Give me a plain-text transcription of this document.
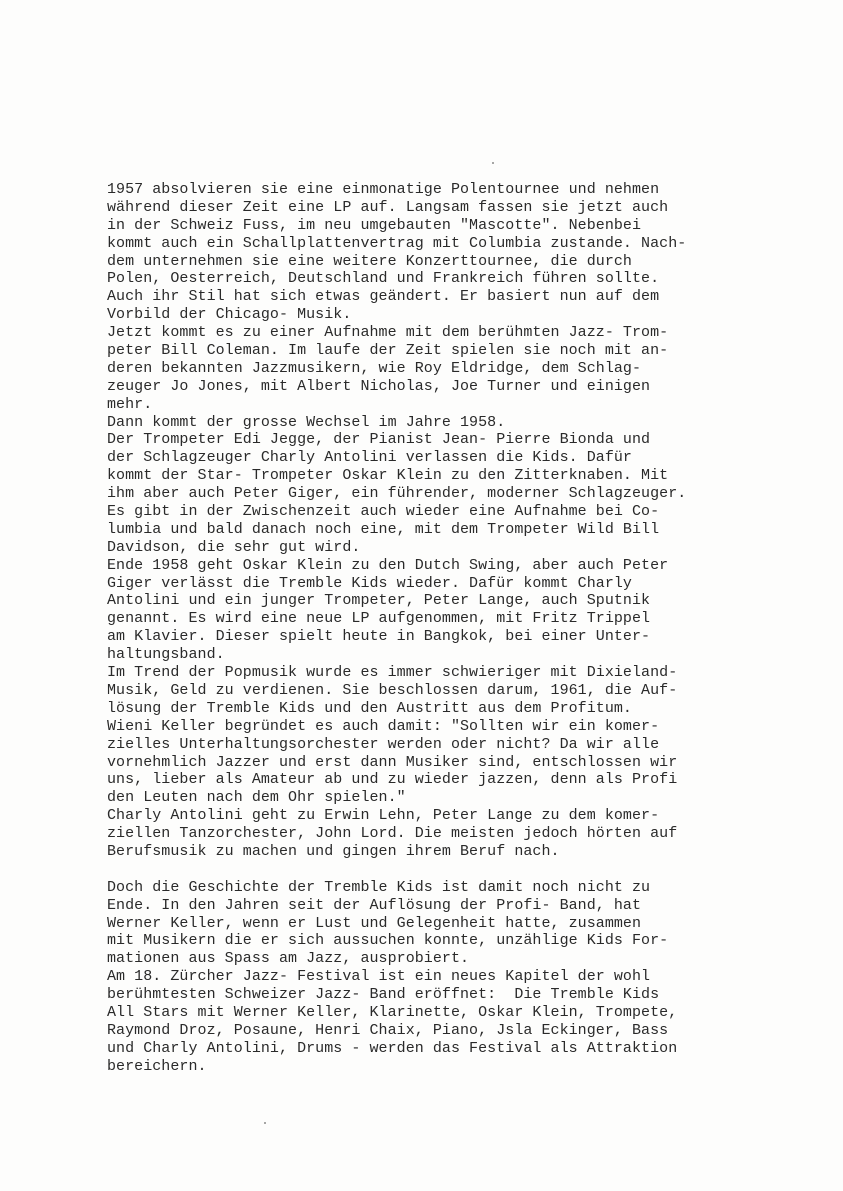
1957 absolvieren sie eine einmonatige Polentournee und nehmen
während dieser Zeit eine LP auf. Langsam fassen sie jetzt auch
in der Schweiz Fuss, im neu umgebauten "Mascotte". Nebenbei
kommt auch ein Schallplattenvertrag mit Columbia zustande. Nach-
dem unternehmen sie eine weitere Konzerttournee, die durch
Polen, Oesterreich, Deutschland und Frankreich führen sollte.
Auch ihr Stil hat sich etwas geändert. Er basiert nun auf dem
Vorbild der Chicago- Musik.
Jetzt kommt es zu einer Aufnahme mit dem berühmten Jazz- Trom-
peter Bill Coleman. Im laufe der Zeit spielen sie noch mit an-
deren bekannten Jazzmusikern, wie Roy Eldridge, dem Schlag-
zeuger Jo Jones, mit Albert Nicholas, Joe Turner und einigen
mehr.
Dann kommt der grosse Wechsel im Jahre 1958.
Der Trompeter Edi Jegge, der Pianist Jean- Pierre Bionda und
der Schlagzeuger Charly Antolini verlassen die Kids. Dafür
kommt der Star- Trompeter Oskar Klein zu den Zitterknaben. Mit
ihm aber auch Peter Giger, ein führender, moderner Schlagzeuger.
Es gibt in der Zwischenzeit auch wieder eine Aufnahme bei Co-
lumbia und bald danach noch eine, mit dem Trompeter Wild Bill
Davidson, die sehr gut wird.
Ende 1958 geht Oskar Klein zu den Dutch Swing, aber auch Peter
Giger verlässt die Tremble Kids wieder. Dafür kommt Charly
Antolini und ein junger Trompeter, Peter Lange, auch Sputnik
genannt. Es wird eine neue LP aufgenommen, mit Fritz Trippel
am Klavier. Dieser spielt heute in Bangkok, bei einer Unter-
haltungsband.
Im Trend der Popmusik wurde es immer schwieriger mit Dixieland-
Musik, Geld zu verdienen. Sie beschlossen darum, 1961, die Auf-
lösung der Tremble Kids und den Austritt aus dem Profitum.
Wieni Keller begründet es auch damit: "Sollten wir ein komer-
zielles Unterhaltungsorchester werden oder nicht? Da wir alle
vornehmlich Jazzer und erst dann Musiker sind, entschlossen wir
uns, lieber als Amateur ab und zu wieder jazzen, denn als Profi
den Leuten nach dem Ohr spielen."
Charly Antolini geht zu Erwin Lehn, Peter Lange zu dem komer-
ziellen Tanzorchester, John Lord. Die meisten jedoch hörten auf
Berufsmusik zu machen und gingen ihrem Beruf nach.
Doch die Geschichte der Tremble Kids ist damit noch nicht zu
Ende. In den Jahren seit der Auflösung der Profi- Band, hat
Werner Keller, wenn er Lust und Gelegenheit hatte, zusammen
mit Musikern die er sich aussuchen konnte, unzählige Kids For-
mationen aus Spass am Jazz, ausprobiert.
Am 18. Zürcher Jazz- Festival ist ein neues Kapitel der wohl
berühmtesten Schweizer Jazz- Band eröffnet:  Die Tremble Kids
All Stars mit Werner Keller, Klarinette, Oskar Klein, Trompete,
Raymond Droz, Posaune, Henri Chaix, Piano, Jsla Eckinger, Bass
und Charly Antolini, Drums - werden das Festival als Attraktion
bereichern.
